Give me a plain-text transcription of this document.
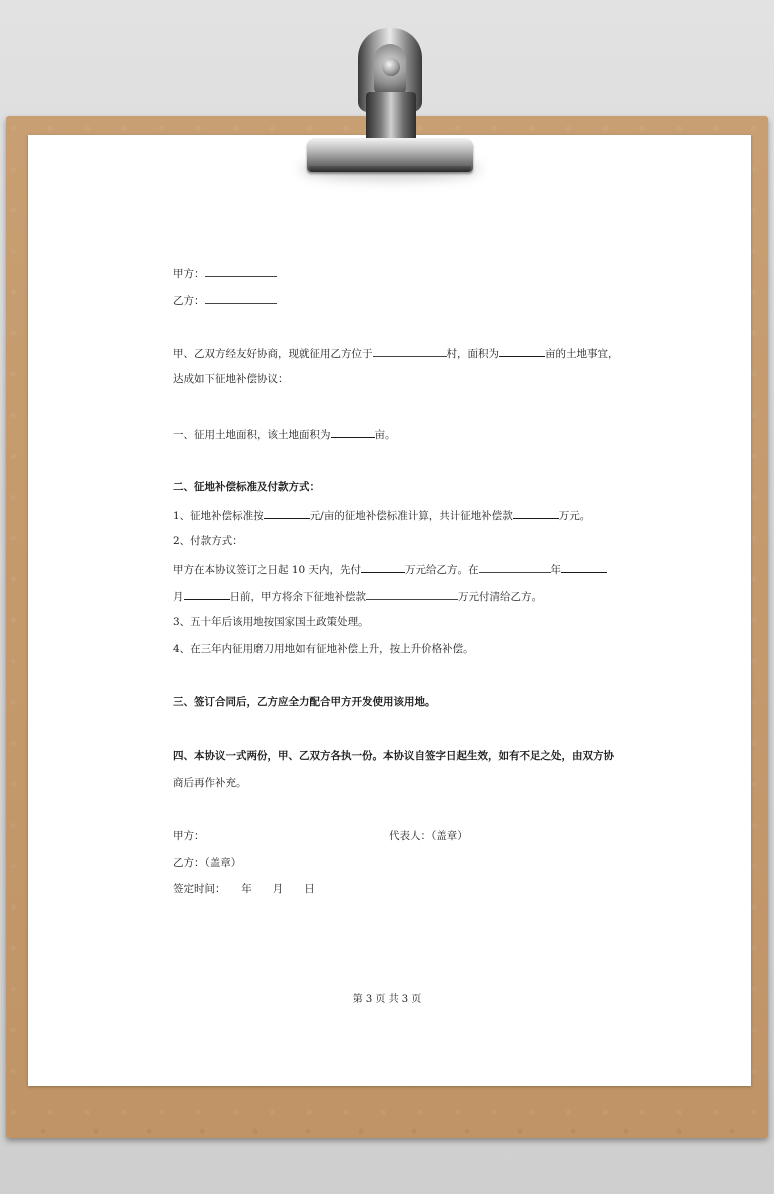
甲方：
乙方：
甲、乙双方经友好协商，现就征用乙方位于	村，面积为	亩的土地事宜，
达成如下征地补偿协议：
一、征用土地面积，该土地面积为	亩。
二、征地补偿标准及付款方式：
1、征地补偿标准按	元/亩的征地补偿标准计算，共计征地补偿款	万元。
2、付款方式：
甲方在本协议签订之日起 10 天内，先付	万元给乙方。在	年
月	日前，甲方将余下征地补偿款	万元付清给乙方。
3、五十年后该用地按国家国土政策处理。
4、在三年内征用磨刀用地如有征地补偿上升，按上升价格补偿。
三、签订合同后，乙方应全力配合甲方开发使用该用地。
四、本协议一式两份，甲、乙双方各执一份。本协议自签字日起生效，如有不足之处，由双方协
商后再作补充。
甲方：	代表人：（盖章）
乙方：（盖章）
签定时间：　　年　　月　　日
第 3 页 共 3 页
